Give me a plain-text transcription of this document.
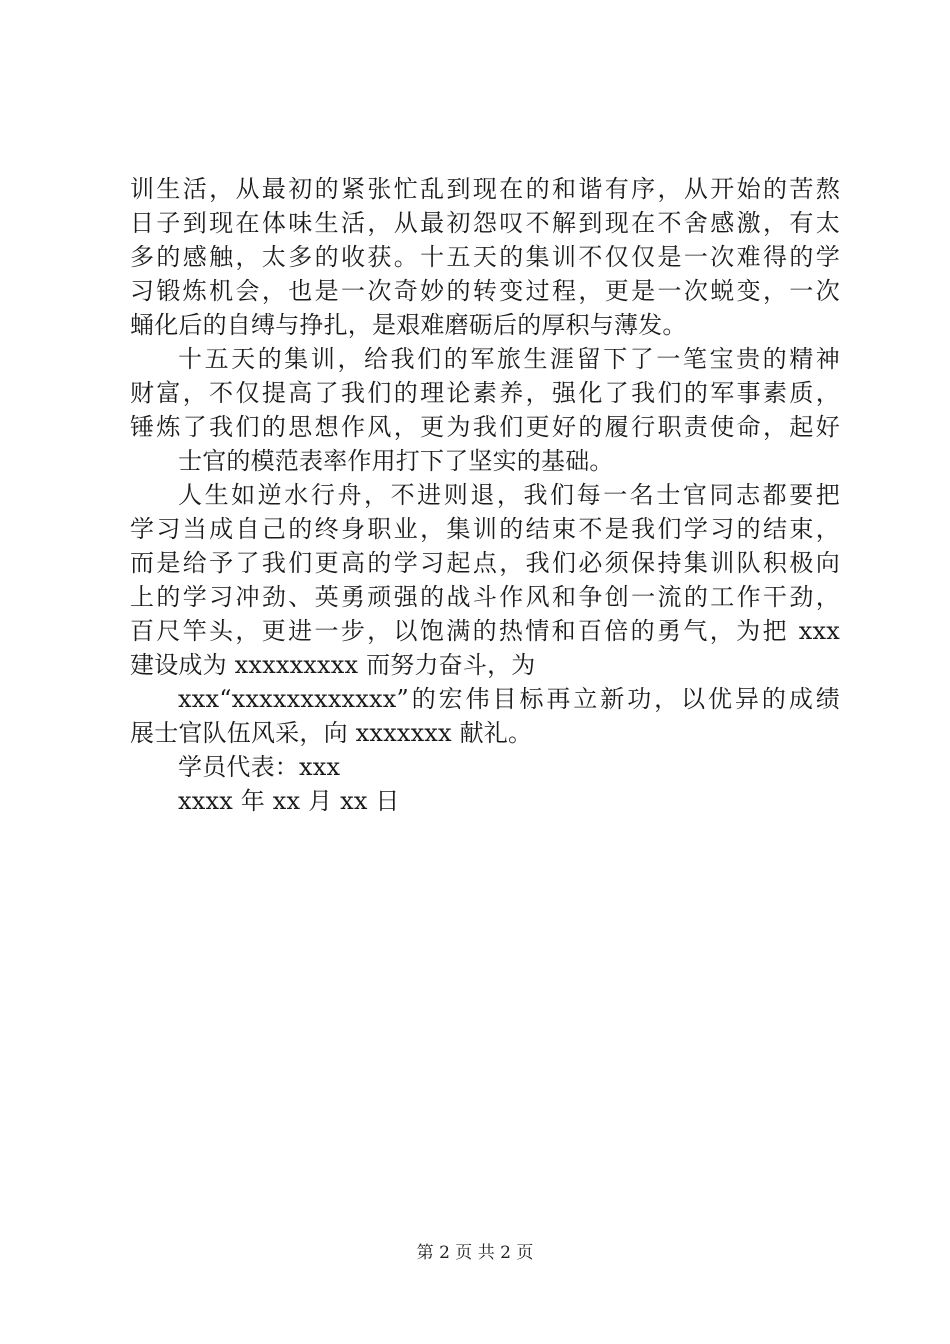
训生活，从最初的紧张忙乱到现在的和谐有序，从开始的苦熬
日子到现在体味生活，从最初怨叹不解到现在不舍感激，有太
多的感触，太多的收获。十五天的集训不仅仅是一次难得的学
习锻炼机会，也是一次奇妙的转变过程，更是一次蜕变，一次
蛹化后的自缚与挣扎，是艰难磨砺后的厚积与薄发。
十五天的集训，给我们的军旅生涯留下了一笔宝贵的精神
财富，不仅提高了我们的理论素养，强化了我们的军事素质，
锤炼了我们的思想作风，更为我们更好的履行职责使命，起好
士官的模范表率作用打下了坚实的基础。
人生如逆水行舟，不进则退，我们每一名士官同志都要把
学习当成自己的终身职业，集训的结束不是我们学习的结束，
而是给予了我们更高的学习起点，我们必须保持集训队积极向
上的学习冲劲、英勇顽强的战斗作风和争创一流的工作干劲，
百尺竿头，更进一步，以饱满的热情和百倍的勇气，为把 xxx
建设成为 xxxxxxxxx 而努力奋斗，为
xxx“xxxxxxxxxxxx”的宏伟目标再立新功，以优异的成绩
展士官队伍风采，向 xxxxxxx 献礼。
学员代表：xxx
xxxx 年 xx 月 xx 日
第 2 页 共 2 页
